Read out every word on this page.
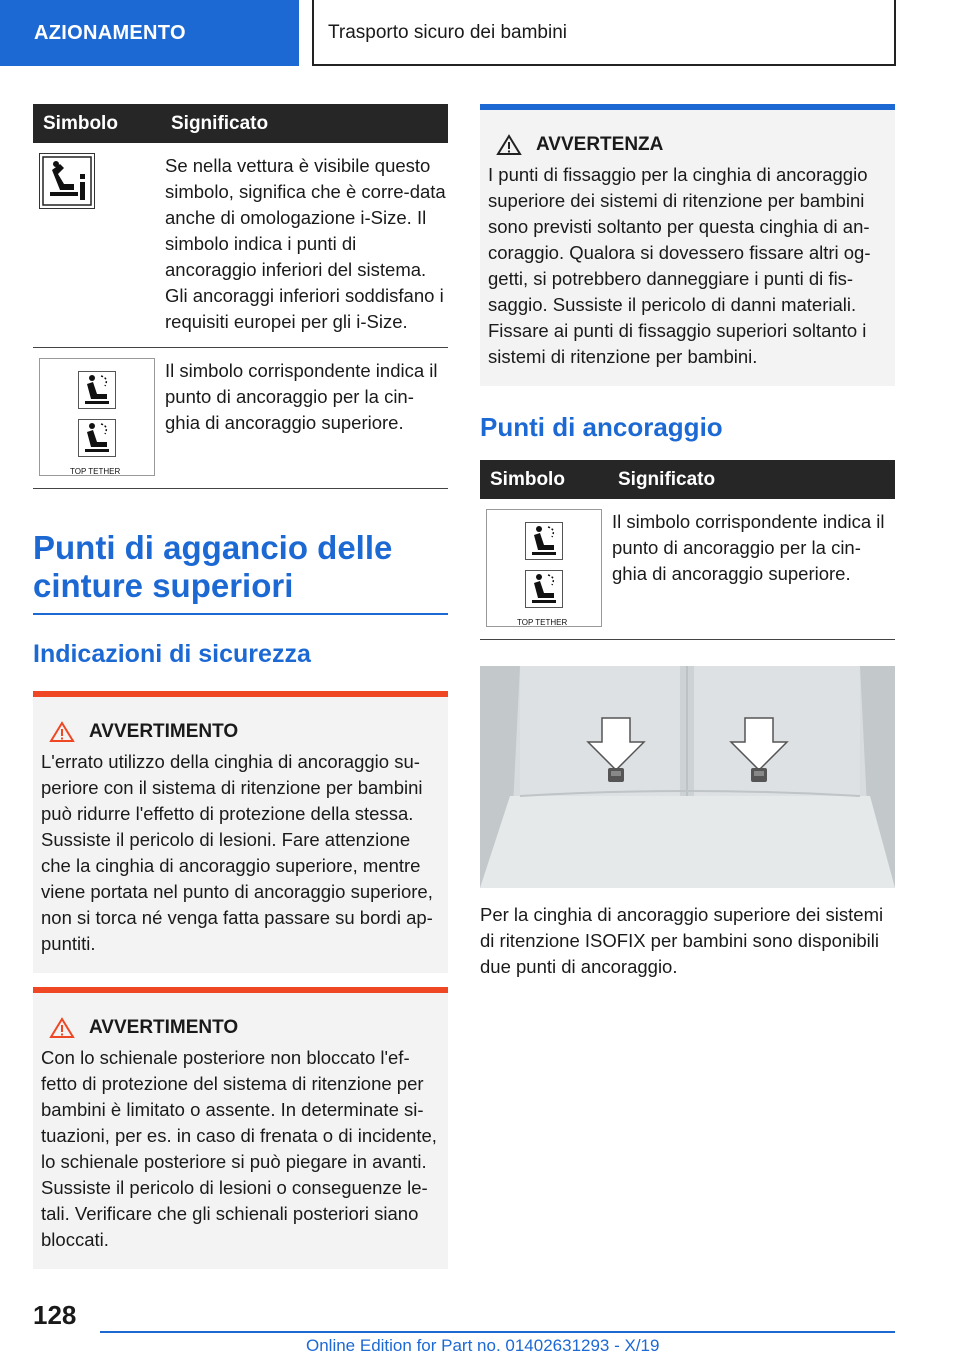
AZIONAMENTO	Trasporto sicuro dei bambini
Simbolo	Significato

	Se nella vettura è visibile questo simbolo, significa che è corre-data anche di omologazione i-Size. Il simbolo indica i punti di ancoraggio inferiori del sistema. Gli ancoraggi inferiori soddisfano i requisiti europei per gli i-Size.

TOP TETHER	Il simbolo corrispondente indica il punto di ancoraggio per la cin-ghia di ancoraggio superiore.
Punti di aggancio delle cinture superiori
Indicazioni di sicurezza
AVVERTIMENTO
L'errato utilizzo della cinghia di ancoraggio su-periore con il sistema di ritenzione per bambini può ridurre l'effetto di protezione della stessa. Sussiste il pericolo di lesioni. Fare attenzione che la cinghia di ancoraggio superiore, mentre viene portata nel punto di ancoraggio superiore, non si torca né venga fatta passare su bordi ap-puntiti.
AVVERTIMENTO
Con lo schienale posteriore non bloccato l'ef-fetto di protezione del sistema di ritenzione per bambini è limitato o assente. In determinate si-tuazioni, per es. in caso di frenata o di incidente, lo schienale posteriore si può piegare in avanti. Sussiste il pericolo di lesioni o conseguenze le-tali. Verificare che gli schienali posteriori siano bloccati.
AVVERTENZA
I punti di fissaggio per la cinghia di ancoraggio superiore dei sistemi di ritenzione per bambini sono previsti soltanto per questa cinghia di an-coraggio. Qualora si dovessero fissare altri og-getti, si potrebbero danneggiare i punti di fis-saggio. Sussiste il pericolo di danni materiali. Fissare ai punti di fissaggio superiori soltanto i sistemi di ritenzione per bambini.
Punti di ancoraggio
Simbolo	Significato

TOP TETHER	Il simbolo corrispondente indica il punto di ancoraggio per la cin-ghia di ancoraggio superiore.
Per la cinghia di ancoraggio superiore dei sistemi di ritenzione ISOFIX per bambini sono disponibili due punti di ancoraggio.
128
Online Edition for Part no. 01402631293 - X/19
